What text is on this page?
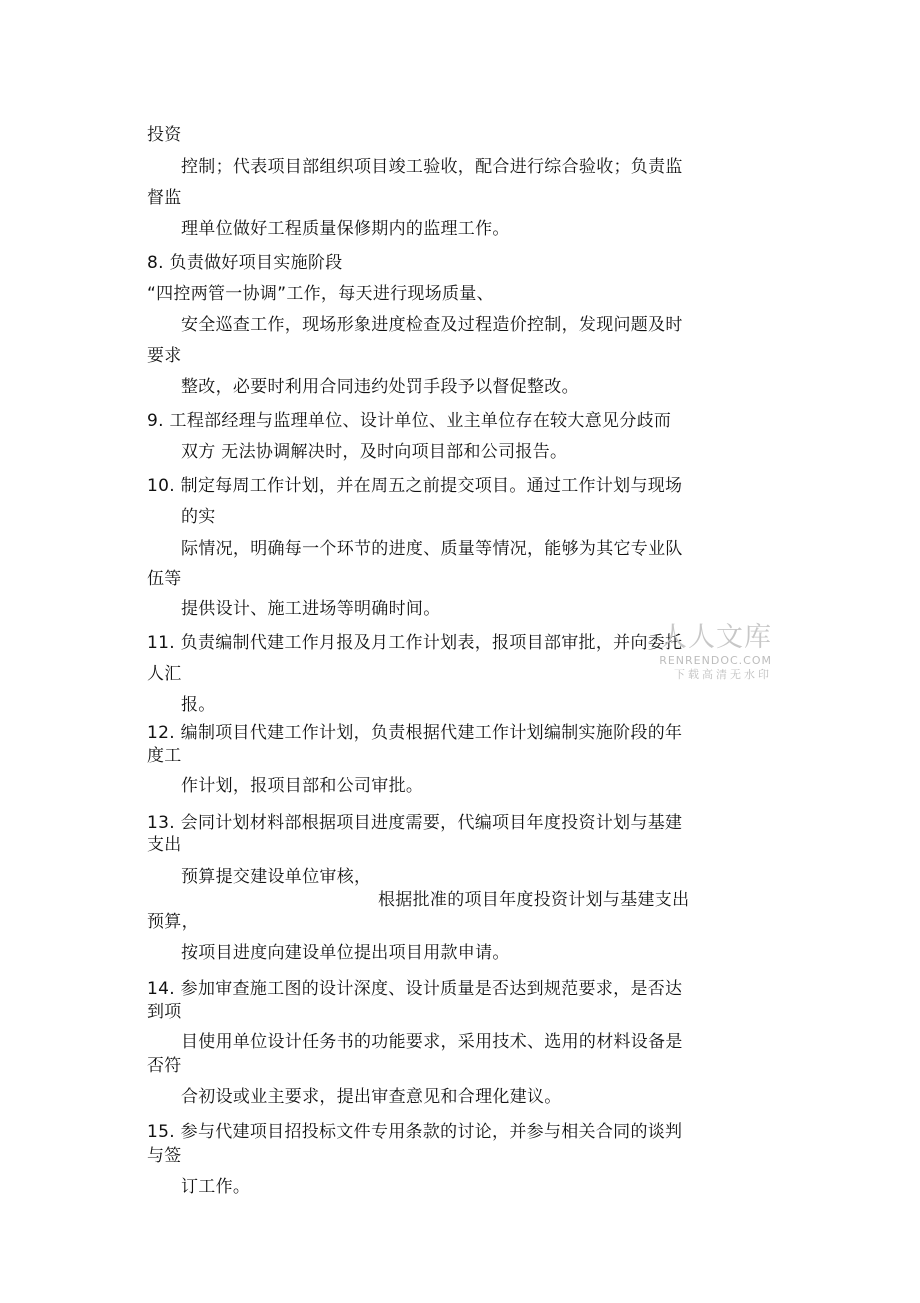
投资
控制；代表项目部组织项目竣工验收，配合进行综合验收；负责监
督监
理单位做好工程质量保修期内的监理工作。
8. 负责做好项目实施阶段
“四控两管一协调”工作，每天进行现场质量、
安全巡查工作，现场形象进度检查及过程造价控制，发现问题及时
要求
整改，必要时利用合同违约处罚手段予以督促整改。
9. 工程部经理与监理单位、设计单位、业主单位存在较大意见分歧而
双方 无法协调解决时，及时向项目部和公司报告。
10. 制定每周工作计划，并在周五之前提交项目。通过工作计划与现场
的实
际情况，明确每一个环节的进度、质量等情况，能够为其它专业队
伍等
提供设计、施工进场等明确时间。
11. 负责编制代建工作月报及月工作计划表，报项目部审批，并向委托
人汇
报。
12. 编制项目代建工作计划，负责根据代建工作计划编制实施阶段的年
度工
作计划，报项目部和公司审批。
13. 会同计划材料部根据项目进度需要，代编项目年度投资计划与基建
支出
预算提交建设单位审核，
根据批准的项目年度投资计划与基建支出
预算，
按项目进度向建设单位提出项目用款申请。
14. 参加审查施工图的设计深度、设计质量是否达到规范要求，是否达
到项
目使用单位设计任务书的功能要求，采用技术、选用的材料设备是
否符
合初设或业主要求，提出审查意见和合理化建议。
15. 参与代建项目招投标文件专用条款的讨论，并参与相关合同的谈判
与签
订工作。
人人文库
RENRENDOC.COM
下载高清无水印
